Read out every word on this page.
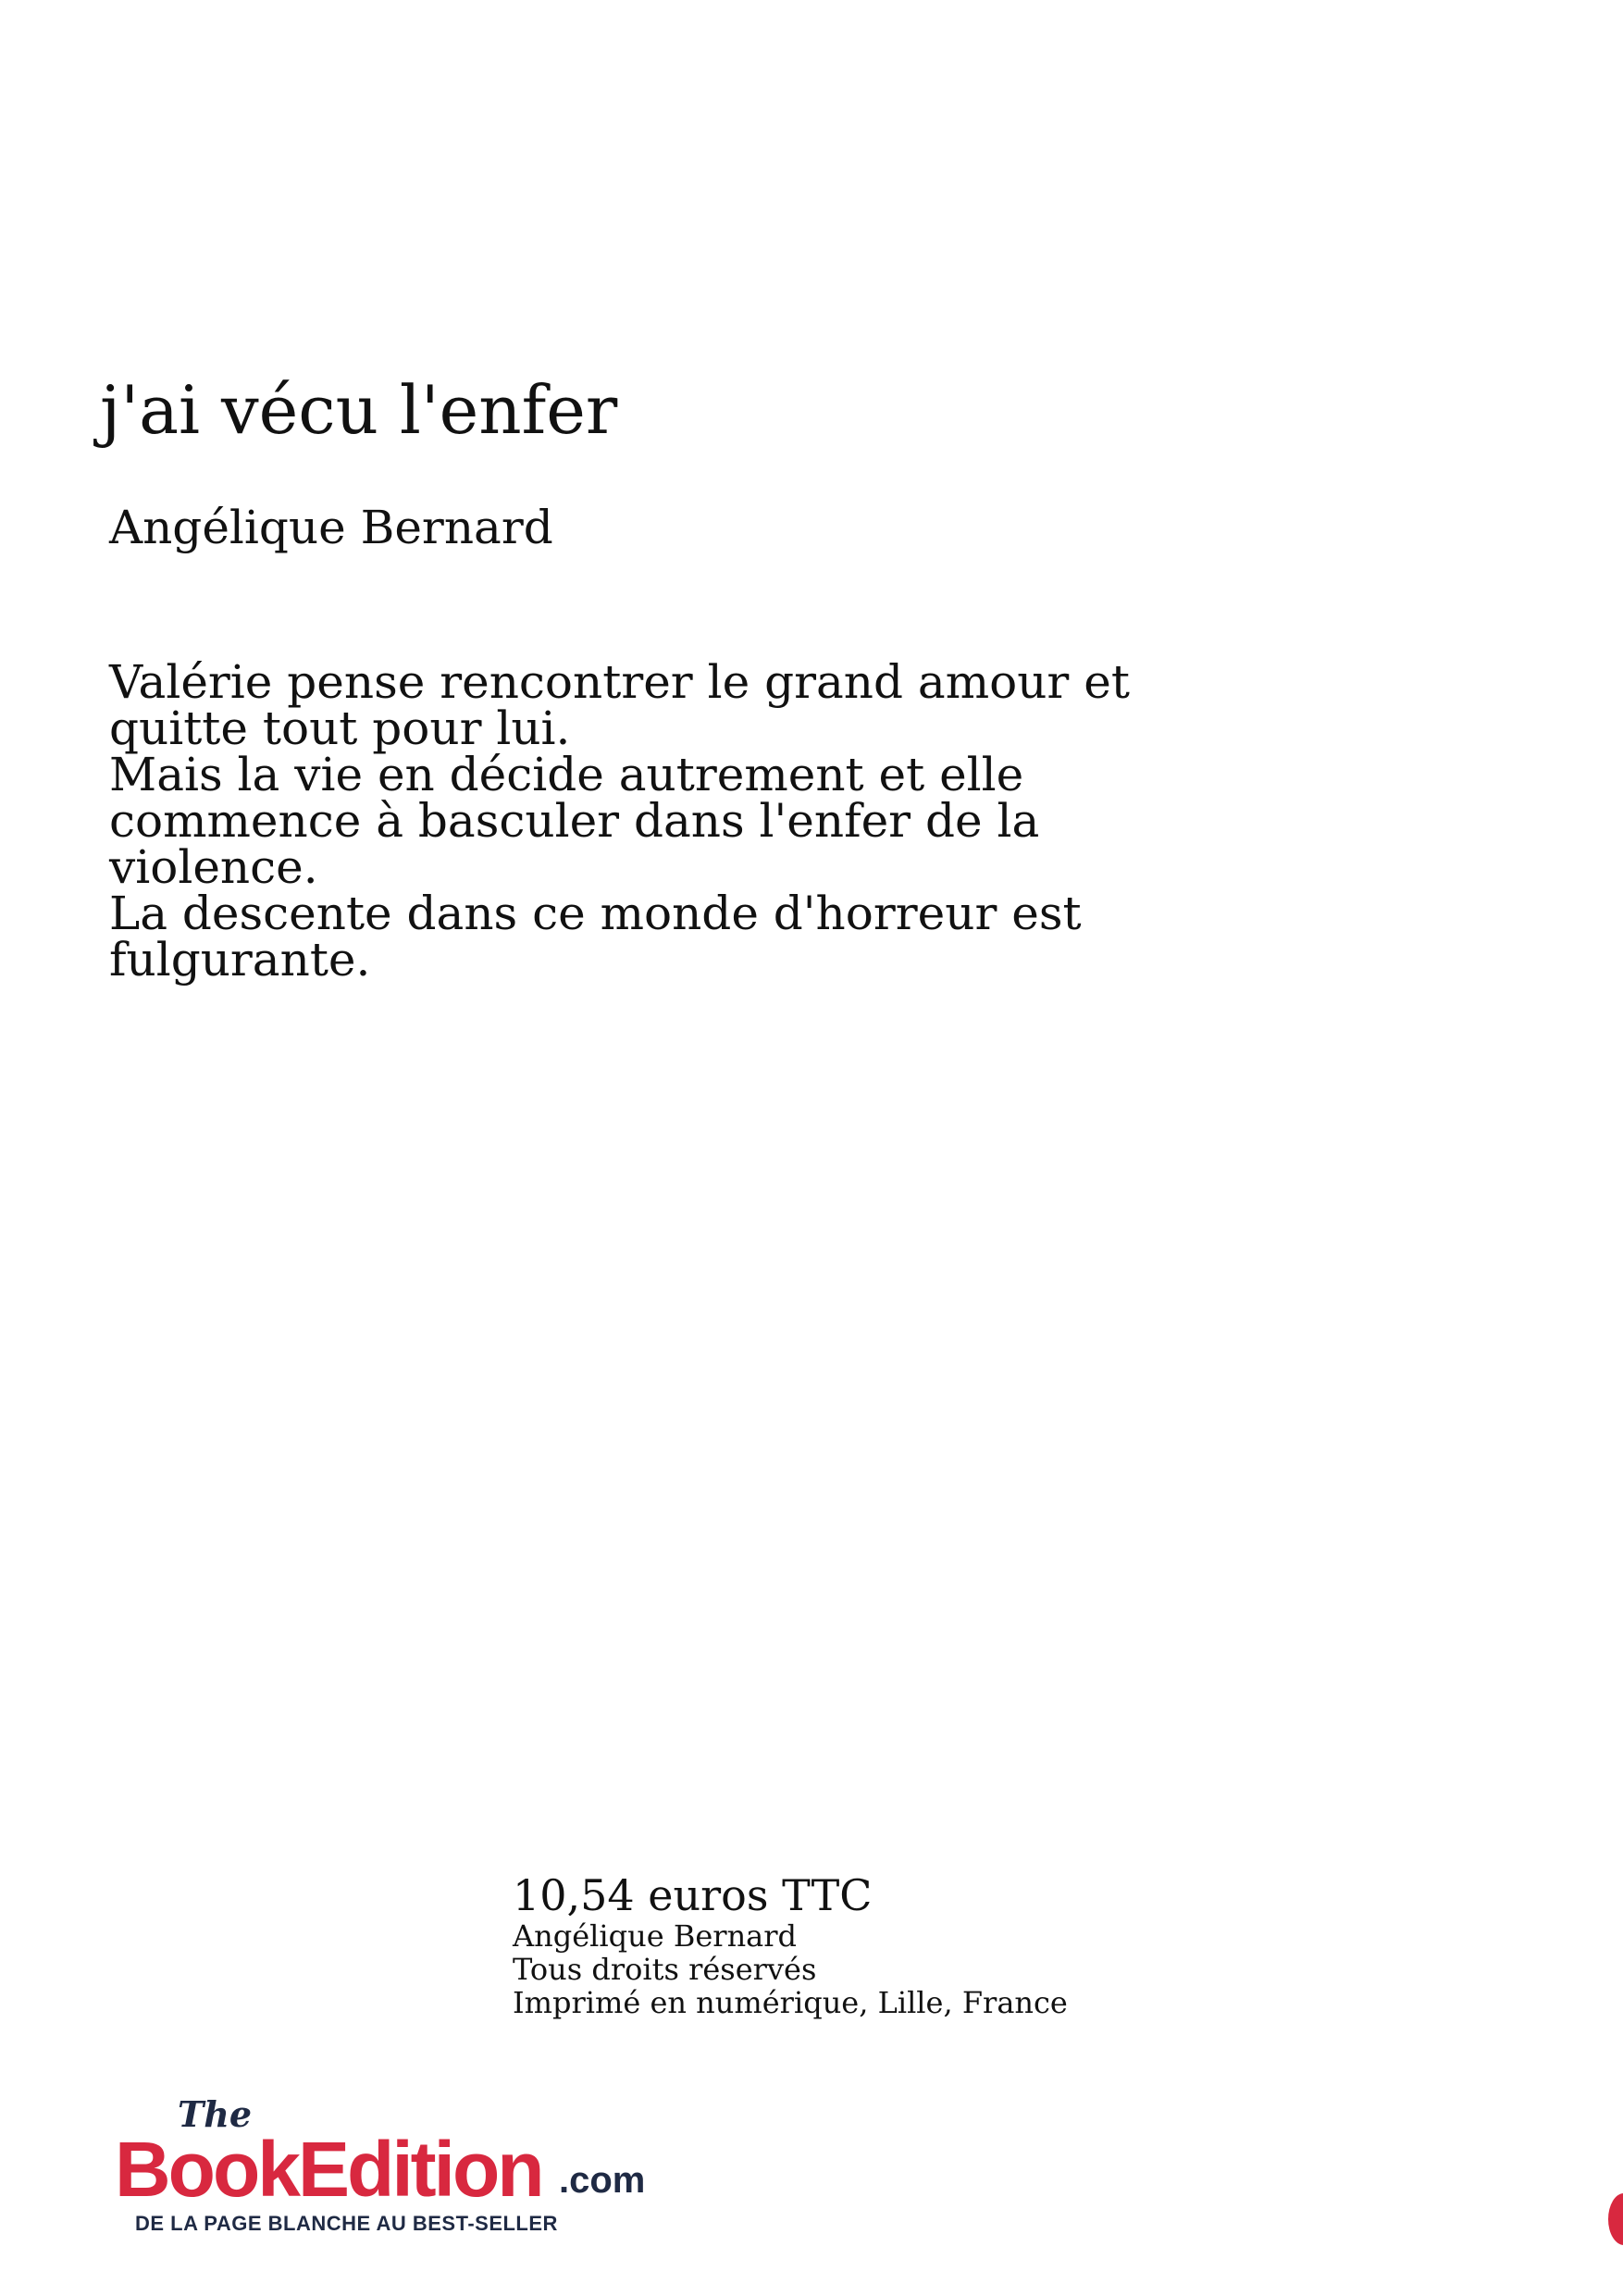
j'ai vécu l'enfer
Angélique Bernard

Valérie pense rencontrer le grand amour et quitte tout pour lui.

Mais la vie en décide autrement et elle commence à basculer dans l'enfer de la violence.

La descente dans ce monde d'horreur est fulgurante.

10,54 euros TTC
Angélique Bernard
Tous droits réservés
Imprimé en numérique, Lille, France
The
BookEdition .com
DE LA PAGE BLANCHE AU BEST-SELLER
